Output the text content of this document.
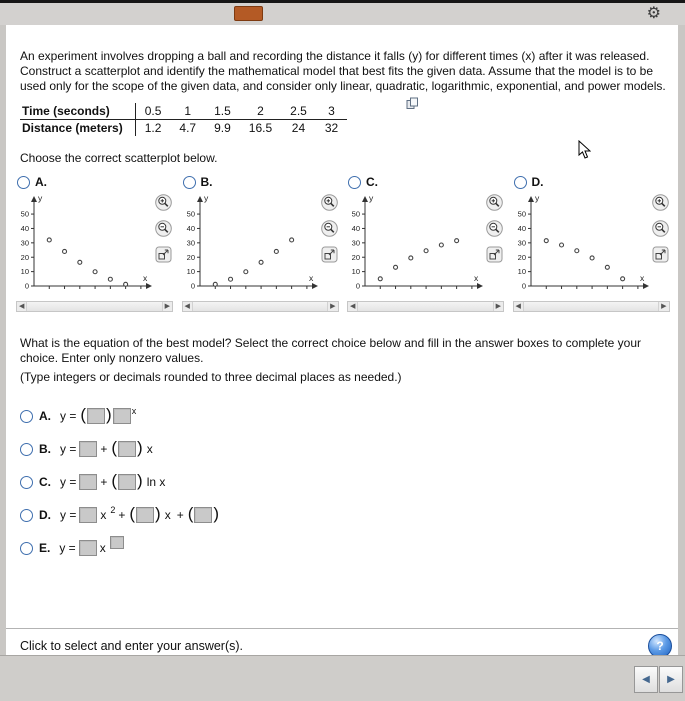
⚙

An experiment involves dropping a ball and recording the distance it falls (y) for different times (x) after it was released. Construct a scatterplot and identify the mathematical model that best fits the given data. Assume that the model is to be used only for the scope of the given data, and consider only linear, quadratic, logarithmic, exponential, and power models.

Time (seconds)	0.5	1	1.5	2	2.5	3
Distance (meters)	1.2	4.7	9.9	16.5	24	32

Choose the correct scatterplot below.

A.
y
x
0
10
20
30
40
50
◀	▶
B.
y
x
0
10
20
30
40
50
◀	▶
C.
y
x
0
10
20
30
40
50
◀	▶
D.
y
x
0
10
20
30
40
50
◀	▶

What is the equation of the best model? Select the correct choice below and fill in the answer boxes to complete your choice. Enter only nonzero values.

(Type integers or decimals rounded to three decimal places as needed.)

A. y = ( ) x
B. y = + ( ) x
C. y = + ( ) ln x
D. y = x 2 + ( ) x + ( )
E. y = x

Click to select and enter your answer(s).	?
◀	▶
